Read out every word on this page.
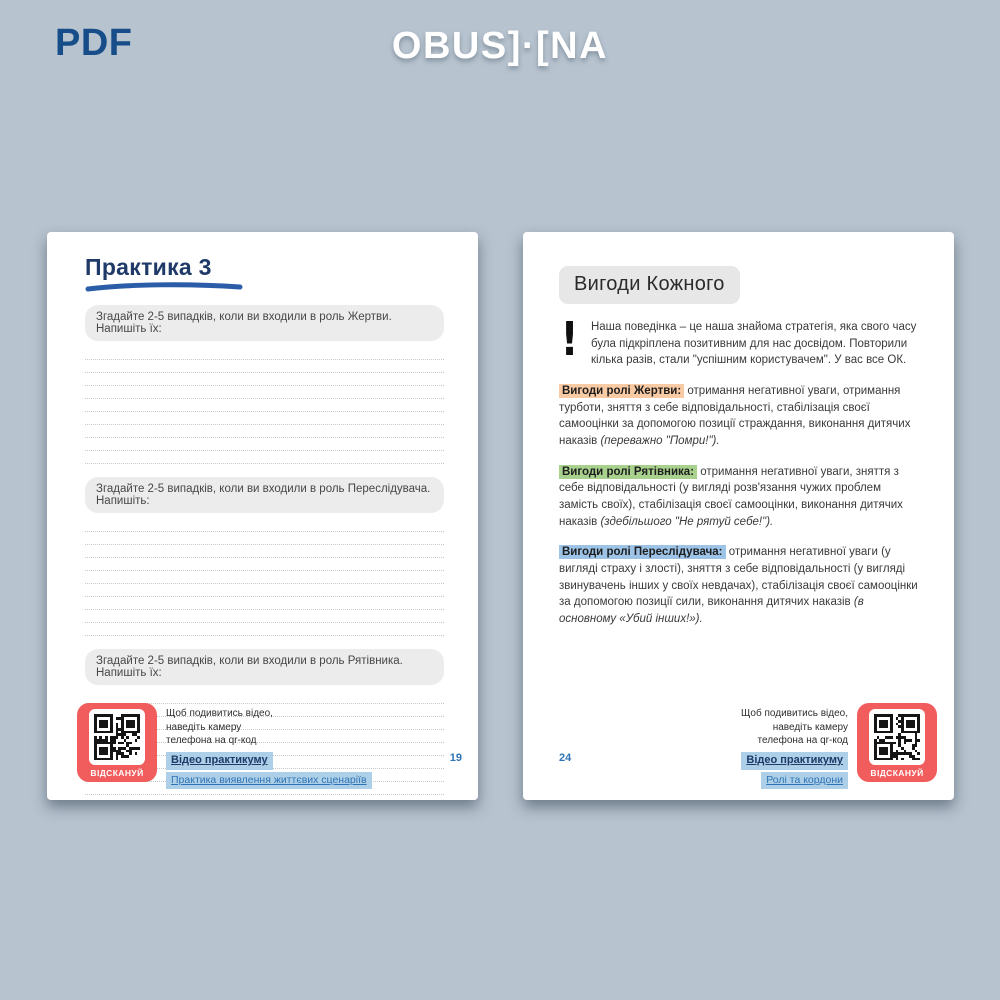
PDF	OBUS]·[NA
Практика 3
Згадайте 2-5 випадків, коли ви входили в роль Жертви. Напишіть їх:
Згадайте 2-5 випадків, коли ви входили в роль Переслідувача. Напишіть:
Згадайте 2-5 випадків, коли ви входили в роль Рятівника. Напишіть їх:
ВІДСКАНУЙ
Щоб подивитись відео,
наведіть камеру
телефона на qr-код
Відео практикуму
Практика виявлення життєвих сценаріїв
19
Вигоди Кожного
! Наша поведінка – це наша знайома стратегія, яка свого часу була підкріплена позитивним для нас досвідом. Повторили кілька разів, стали "успішним користувачем". У вас все ОК.

Вигоди ролі Жертви: отримання негативної уваги, отримання турботи, зняття з себе відповідальності, стабілізація своєї самооцінки за допомогою позиції страждання, виконання дитячих наказів (переважно "Помри!").
Вигоди ролі Рятівника: отримання негативної уваги, зняття з себе відповідальності (у вигляді розв'язання чужих проблем замість своїх), стабілізація своєї самооцінки, виконання дитячих наказів (здебільшого "Не рятуй себе!").
Вигоди ролі Переслідувача: отримання негативної уваги (у вигляді страху і злості), зняття з себе відповідальності (у вигляді звинувачень інших у своїх невдачах), стабілізація своєї самооцінки за допомогою позиції сили, виконання дитячих наказів (в основному «Убий інших!»).
Щоб подивитись відео,
наведіть камеру
телефона на qr-код
Відео практикуму
Ролі та кордони
ВІДСКАНУЙ
24
